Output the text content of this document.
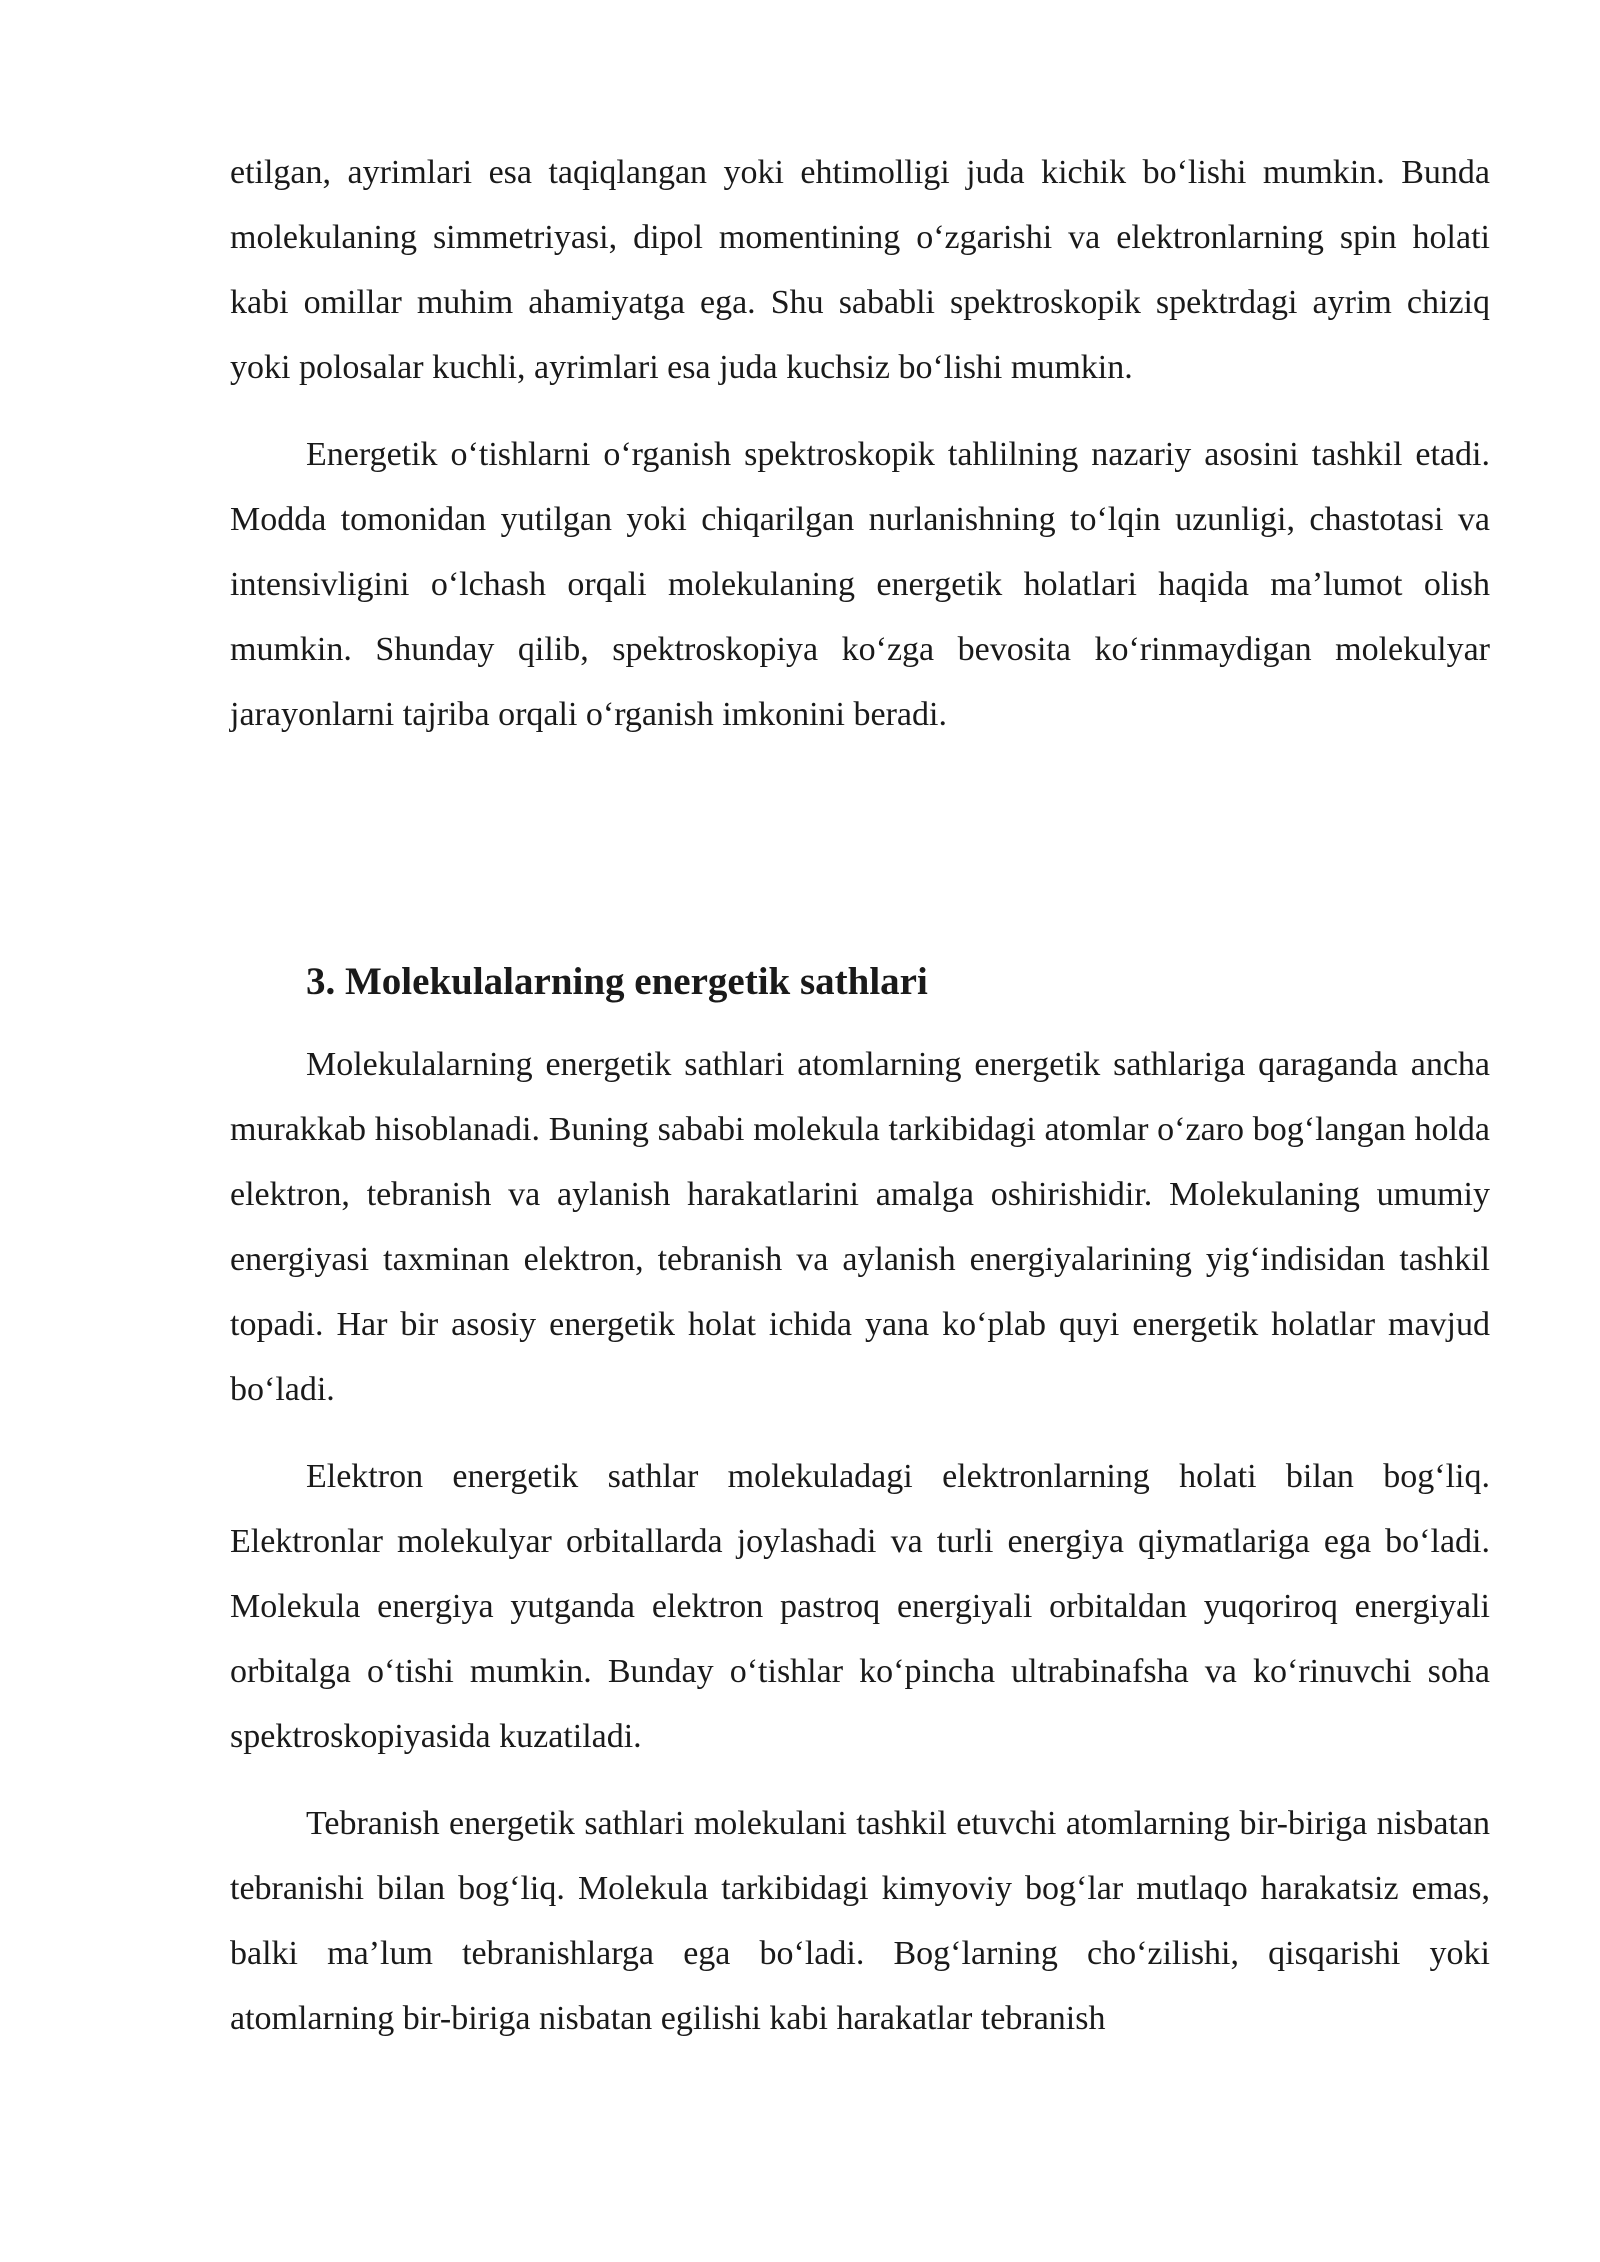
etilgan, ayrimlari esa taqiqlangan yoki ehtimolligi juda kichik bo‘lishi mumkin. Bunda molekulaning simmetriyasi, dipol momentining o‘zgarishi va elektronlarning spin holati kabi omillar muhim ahamiyatga ega. Shu sababli spektroskopik spektrdagi ayrim chiziq yoki polosalar kuchli, ayrimlari esa juda kuchsiz bo‘lishi mumkin.

Energetik o‘tishlarni o‘rganish spektroskopik tahlilning nazariy asosini tashkil etadi. Modda tomonidan yutilgan yoki chiqarilgan nurlanishning to‘lqin uzunligi, chastotasi va intensivligini o‘lchash orqali molekulaning energetik holatlari haqida ma’lumot olish mumkin. Shunday qilib, spektroskopiya ko‘zga bevosita ko‘rinmaydigan molekulyar jarayonlarni tajriba orqali o‘rganish imkonini beradi.

3. Molekulalarning energetik sathlari

Molekulalarning energetik sathlari atomlarning energetik sathlariga qaraganda ancha murakkab hisoblanadi. Buning sababi molekula tarkibidagi atomlar o‘zaro bog‘langan holda elektron, tebranish va aylanish harakatlarini amalga oshirishidir. Molekulaning umumiy energiyasi taxminan elektron, tebranish va aylanish energiyalarining yig‘indisidan tashkil topadi. Har bir asosiy energetik holat ichida yana ko‘plab quyi energetik holatlar mavjud bo‘ladi.

Elektron energetik sathlar molekuladagi elektronlarning holati bilan bog‘liq. Elektronlar molekulyar orbitallarda joylashadi va turli energiya qiymatlariga ega bo‘ladi. Molekula energiya yutganda elektron pastroq energiyali orbitaldan yuqoriroq energiyali orbitalga o‘tishi mumkin. Bunday o‘tishlar ko‘pincha ultrabinafsha va ko‘rinuvchi soha spektroskopiyasida kuzatiladi.

Tebranish energetik sathlari molekulani tashkil etuvchi atomlarning bir-biriga nisbatan tebranishi bilan bog‘liq. Molekula tarkibidagi kimyoviy bog‘lar mutlaqo harakatsiz emas, balki ma’lum tebranishlarga ega bo‘ladi. Bog‘larning cho‘zilishi, qisqarishi yoki atomlarning bir-biriga nisbatan egilishi kabi harakatlar tebranish
